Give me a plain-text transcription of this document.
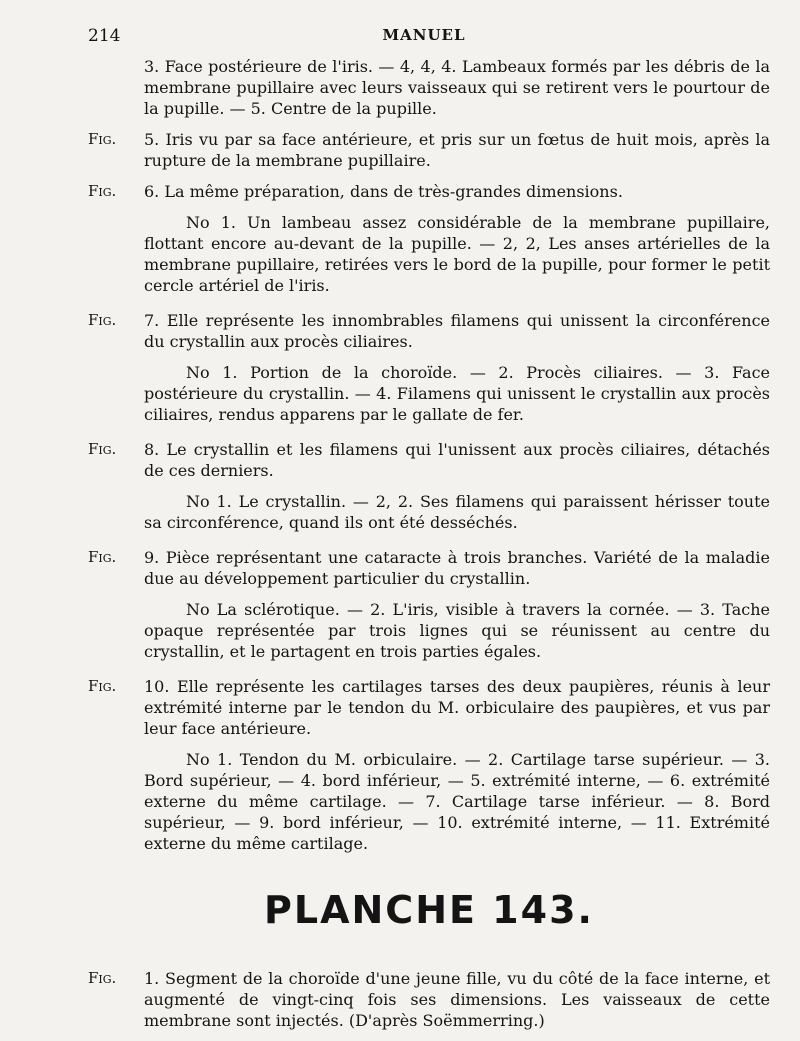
214	MANUEL

3. Face postérieure de l'iris. — 4, 4, 4. Lambeaux formés par les débris de la membrane pupillaire avec leurs vaisseaux qui se retirent vers le pourtour de la pupille. — 5. Centre de la pupille.

Fig.	5. Iris vu par sa face antérieure, et pris sur un fœtus de huit mois, après la rupture de la membrane pupillaire.

Fig.	6. La même préparation, dans de très-grandes dimensions.

No 1. Un lambeau assez considérable de la membrane pupillaire, flottant encore au-devant de la pupille. — 2, 2, Les anses artérielles de la membrane pupillaire, retirées vers le bord de la pupille, pour former le petit cercle artériel de l'iris.

Fig.	7. Elle représente les innombrables filamens qui unissent la circonférence du crystallin aux procès ciliaires.

No 1. Portion de la choroïde. — 2. Procès ciliaires. — 3. Face postérieure du crystallin. — 4. Filamens qui unissent le crystallin aux procès ciliaires, rendus apparens par le gallate de fer.

Fig.	8. Le crystallin et les filamens qui l'unissent aux procès ciliaires, détachés de ces derniers.

No 1. Le crystallin. — 2, 2. Ses filamens qui paraissent hérisser toute sa circonférence, quand ils ont été desséchés.

Fig.	9. Pièce représentant une cataracte à trois branches. Variété de la maladie due au développement particulier du crystallin.

No La sclérotique. — 2. L'iris, visible à travers la cornée. — 3. Tache opaque représentée par trois lignes qui se réunissent au centre du crystallin, et le partagent en trois parties égales.

Fig.	10. Elle représente les cartilages tarses des deux paupières, réunis à leur extrémité interne par le tendon du M. orbiculaire des paupières, et vus par leur face antérieure.

No 1. Tendon du M. orbiculaire. — 2. Cartilage tarse supérieur. — 3. Bord supérieur, — 4. bord inférieur, — 5. extrémité interne, — 6. extrémité externe du même cartilage. — 7. Cartilage tarse inférieur. — 8. Bord supérieur, — 9. bord inférieur, — 10. extrémité interne, — 11. Extrémité externe du même cartilage.

PLANCHE 143.

Fig.	1. Segment de la choroïde d'une jeune fille, vu du côté de la face interne, et augmenté de vingt-cinq fois ses dimensions. Les vaisseaux de cette membrane sont injectés. (D'après Soëmmerring.)
